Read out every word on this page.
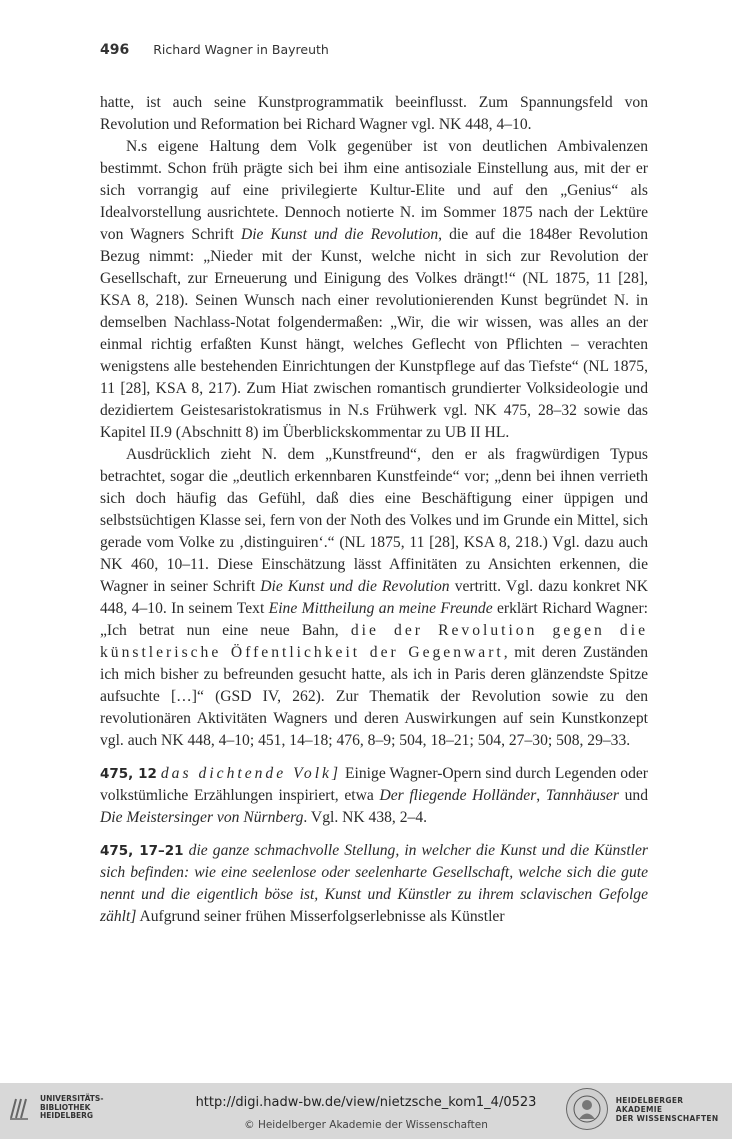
496 Richard Wagner in Bayreuth

hatte, ist auch seine Kunstprogrammatik beeinflusst. Zum Spannungsfeld von Revolution und Reformation bei Richard Wagner vgl. NK 448, 4–10.

N.s eigene Haltung dem Volk gegenüber ist von deutlichen Ambivalenzen bestimmt. Schon früh prägte sich bei ihm eine antisoziale Einstellung aus, mit der er sich vorrangig auf eine privilegierte Kultur-Elite und auf den „Genius“ als Idealvorstellung ausrichtete. Dennoch notierte N. im Sommer 1875 nach der Lektüre von Wagners Schrift Die Kunst und die Revolution, die auf die 1848er Revolution Bezug nimmt: „Nieder mit der Kunst, welche nicht in sich zur Revolution der Gesellschaft, zur Erneuerung und Einigung des Volkes drängt!“ (NL 1875, 11 [28], KSA 8, 218). Seinen Wunsch nach einer revolutionierenden Kunst begründet N. in demselben Nachlass-Notat folgendermaßen: „Wir, die wir wissen, was alles an der einmal richtig erfaßten Kunst hängt, welches Geflecht von Pflichten – verachten wenigstens alle bestehenden Einrichtungen der Kunstpflege auf das Tiefste“ (NL 1875, 11 [28], KSA 8, 217). Zum Hiat zwischen romantisch grundierter Volksideologie und dezidiertem Geistesaristokratismus in N.s Frühwerk vgl. NK 475, 28–32 sowie das Kapitel II.9 (Abschnitt 8) im Überblickskommentar zu UB II HL.

Ausdrücklich zieht N. dem „Kunstfreund“, den er als fragwürdigen Typus betrachtet, sogar die „deutlich erkennbaren Kunstfeinde“ vor; „denn bei ihnen verrieth sich doch häufig das Gefühl, daß dies eine Beschäftigung einer üppigen und selbstsüchtigen Klasse sei, fern von der Noth des Volkes und im Grunde ein Mittel, sich gerade vom Volke zu ‚distinguiren‘.“ (NL 1875, 11 [28], KSA 8, 218.) Vgl. dazu auch NK 460, 10–11. Diese Einschätzung lässt Affinitäten zu Ansichten erkennen, die Wagner in seiner Schrift Die Kunst und die Revolution vertritt. Vgl. dazu konkret NK 448, 4–10. In seinem Text Eine Mittheilung an meine Freunde erklärt Richard Wagner: „Ich betrat nun eine neue Bahn, die der Revolution gegen die künstlerische Öffentlichkeit der Gegenwart, mit deren Zuständen ich mich bisher zu befreunden gesucht hatte, als ich in Paris deren glänzendste Spitze aufsuchte […]“ (GSD IV, 262). Zur Thematik der Revolution sowie zu den revolutionären Aktivitäten Wagners und deren Auswirkungen auf sein Kunstkonzept vgl. auch NK 448, 4–10; 451, 14–18; 476, 8–9; 504, 18–21; 504, 27–30; 508, 29–33.

475, 12 das dichtende Volk] Einige Wagner-Opern sind durch Legenden oder volkstümliche Erzählungen inspiriert, etwa Der fliegende Holländer, Tannhäuser und Die Meistersinger von Nürnberg. Vgl. NK 438, 2–4.

475, 17–21 die ganze schmachvolle Stellung, in welcher die Kunst und die Künstler sich befinden: wie eine seelenlose oder seelenharte Gesellschaft, welche sich die gute nennt und die eigentlich böse ist, Kunst und Künstler zu ihrem sclavischen Gefolge zählt] Aufgrund seiner frühen Misserfolgserlebnisse als Künstler

UNIVERSITÄTS-
BIBLIOTHEK
HEIDELBERG
http://digi.hadw-bw.de/view/nietzsche_kom1_4/0523
© Heidelberger Akademie der Wissenschaften
HEIDELBERGER AKADEMIE
DER WISSENSCHAFTEN
